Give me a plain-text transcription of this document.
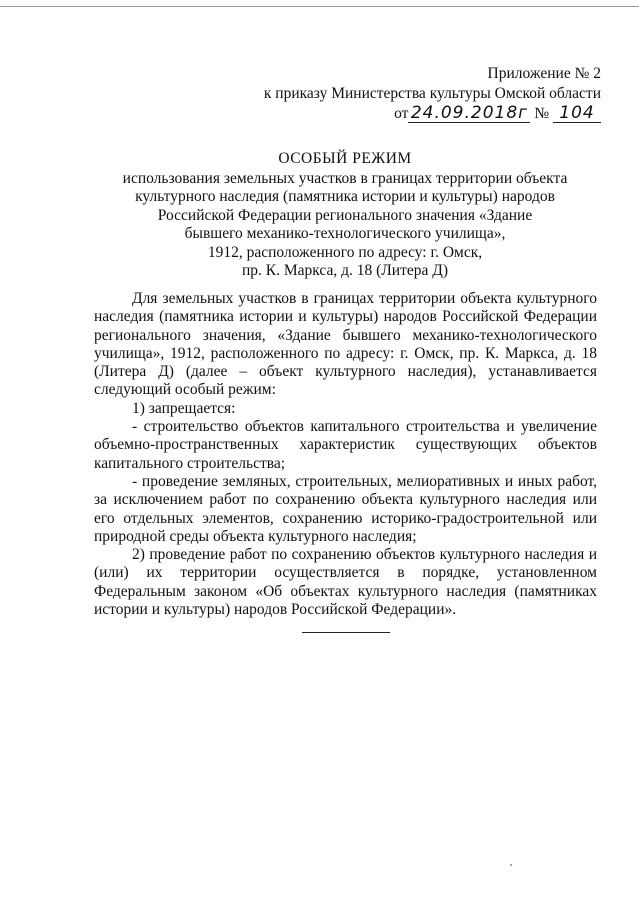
Приложение № 2
к приказу Министерства культуры Омской области
от 24.09.2018г № 104
ОСОБЫЙ РЕЖИМ
использования земельных участков в границах территории объекта
культурного наследия (памятника истории и культуры) народов
Российской Федерации регионального значения «Здание
бывшего механико-технологического училища»,
1912, расположенного по адресу: г. Омск,
пр. К. Маркса, д. 18 (Литера Д)

Для земельных участков в границах территории объекта культурного наследия (памятника истории и культуры) народов Российской Федерации регионального значения, «Здание бывшего механико-технологического училища», 1912, расположенного по адресу: г. Омск, пр. К. Маркса, д. 18 (Литера Д) (далее – объект культурного наследия), устанавливается следующий особый режим:

1) запрещается:

- строительство объектов капитального строительства и увеличение объемно-пространственных характеристик существующих объектов капитального строительства;

- проведение земляных, строительных, мелиоративных и иных работ, за исключением работ по сохранению объекта культурного наследия или его отдельных элементов, сохранению историко-градостроительной или природной среды объекта культурного наследия;

2) проведение работ по сохранению объектов культурного наследия и (или) их территории осуществляется в порядке, установленном Федеральным законом «Об объектах культурного наследия (памятниках истории и культуры) народов Российской Федерации».
